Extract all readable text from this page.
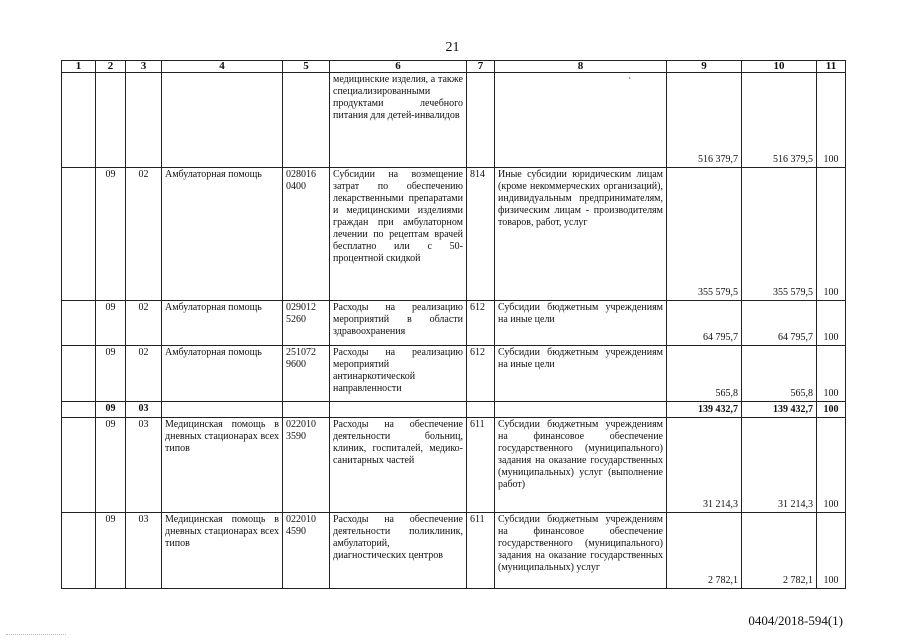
21
`
1	2	3	4	5	6	7	8	9	10	11
					медицинские изделия, а также специализированными продуктами лечебного питания для детей-инвалидов			516 379,7	516 379,5	100
	09	02	Амбулаторная помощь	028016 0400	Субсидии на возмещение затрат по обеспечению лекарственными препаратами и медицинскими изделиями граждан при амбулаторном лечении по рецептам врачей бесплатно или с 50-процентной скидкой	814	Иные субсидии юридическим лицам (кроме некоммерческих организаций), индивидуальным предпринимателям, физическим лицам - производителям товаров, работ, услуг	355 579,5	355 579,5	100
	09	02	Амбулаторная помощь	029012 5260	Расходы на реализацию мероприятий в области здравоохранения	612	Субсидии бюджетным учреждениям на иные цели	64 795,7	64 795,7	100
	09	02	Амбулаторная помощь	251072 9600	Расходы на реализацию мероприятий антинаркотической направленности	612	Субсидии бюджетным учреждениям на иные цели	565,8	565,8	100
	09	03						139 432,7	139 432,7	100
	09	03	Медицинская помощь в дневных стационарах всех типов	022010 3590	Расходы на обеспечение деятельности больниц, клиник, госпиталей, медико-санитарных частей	611	Субсидии бюджетным учреждениям на финансовое обеспечение государственного (муниципального) задания на оказание государственных (муниципальных) услуг (выполнение работ)	31 214,3	31 214,3	100
	09	03	Медицинская помощь в дневных стационарах всех типов	022010 4590	Расходы на обеспечение деятельности поликлиник, амбулаторий, диагностических центров	611	Субсидии бюджетным учреждениям на финансовое обеспечение государственного (муниципального) задания на оказание государственных (муниципальных) услуг	2 782,1	2 782,1	100
0404/2018-594(1)
